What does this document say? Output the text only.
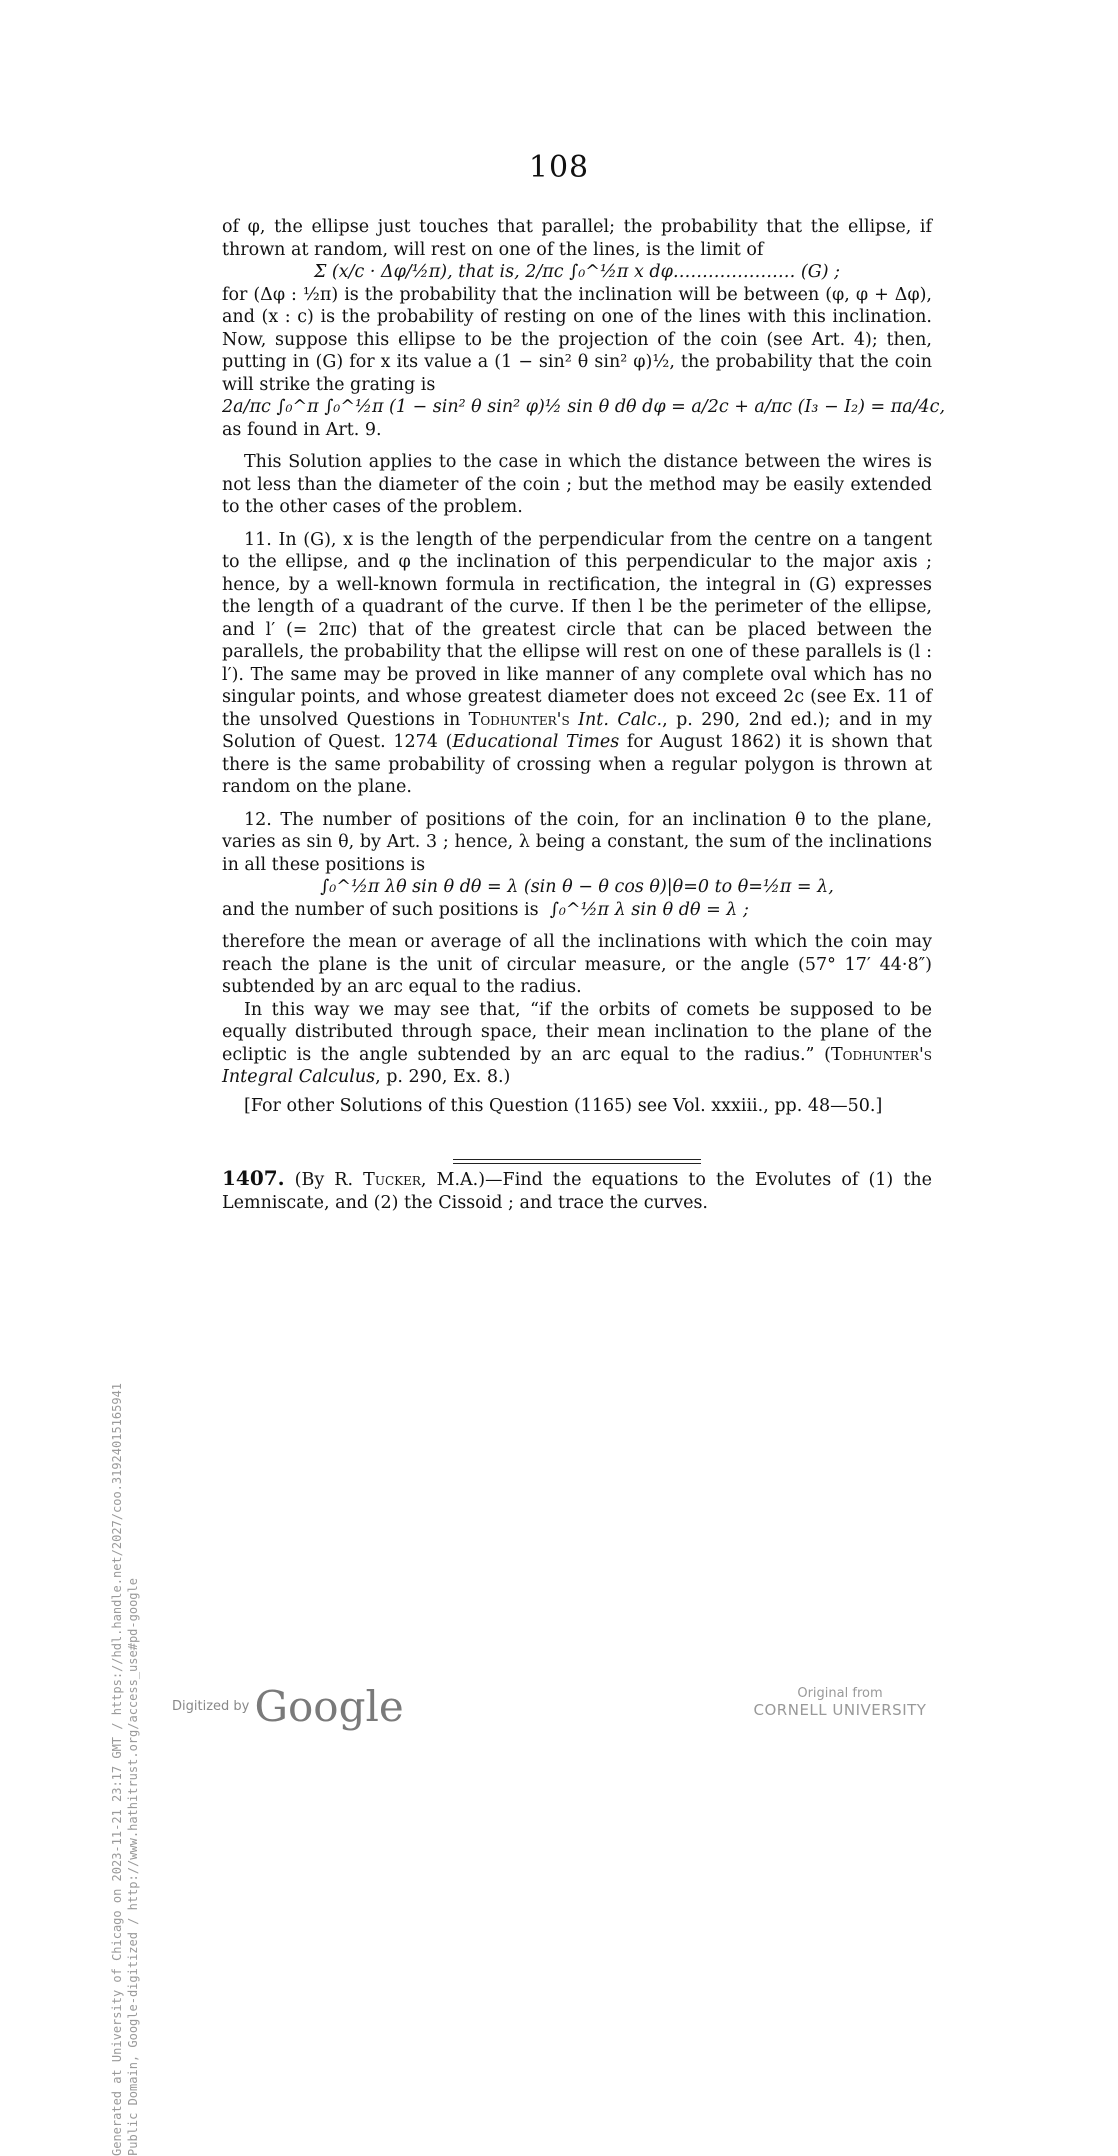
108

of φ, the ellipse just touches that parallel; the probability that the ellipse, if thrown at random, will rest on one of the lines, is the limit of

Σ (x/c · Δφ/½π), that is, 2/πc ∫₀^½π x dφ………………… (G) ;

for (Δφ : ½π) is the probability that the inclination will be between (φ, φ + Δφ), and (x : c) is the probability of resting on one of the lines with this inclination. Now, suppose this ellipse to be the projection of the coin (see Art. 4); then, putting in (G) for x its value a (1 − sin² θ sin² φ)½, the probability that the coin will strike the grating is

2a/πc ∫₀^π ∫₀^½π (1 − sin² θ sin² φ)½ sin θ dθ dφ = a/2c + a/πc (I₃ − I₂) = πa/4c,

as found in Art. 9.

This Solution applies to the case in which the distance between the wires is not less than the diameter of the coin ; but the method may be easily extended to the other cases of the problem.

11. In (G), x is the length of the perpendicular from the centre on a tangent to the ellipse, and φ the inclination of this perpendicular to the major axis ; hence, by a well-known formula in rectification, the integral in (G) expresses the length of a quadrant of the curve. If then l be the perimeter of the ellipse, and l′ (= 2πc) that of the greatest circle that can be placed between the parallels, the probability that the ellipse will rest on one of these parallels is (l : l′). The same may be proved in like manner of any complete oval which has no singular points, and whose greatest diameter does not exceed 2c (see Ex. 11 of the unsolved Questions in Todhunter's Int. Calc., p. 290, 2nd ed.); and in my Solution of Quest. 1274 (Educational Times for August 1862) it is shown that there is the same probability of crossing when a regular polygon is thrown at random on the plane.

12. The number of positions of the coin, for an inclination θ to the plane, varies as sin θ, by Art. 3 ; hence, λ being a constant, the sum of the inclinations in all these positions is

∫₀^½π λθ sin θ dθ = λ (sin θ − θ cos θ)|θ=0 to θ=½π = λ,

and the number of such positions is ∫₀^½π λ sin θ dθ = λ ;

therefore the mean or average of all the inclinations with which the coin may reach the plane is the unit of circular measure, or the angle (57° 17′ 44·8″) subtended by an arc equal to the radius.

In this way we may see that, “if the orbits of comets be supposed to be equally distributed through space, their mean inclination to the plane of the ecliptic is the angle subtended by an arc equal to the radius.” (Todhunter's Integral Calculus, p. 290, Ex. 8.)

[For other Solutions of this Question (1165) see Vol. xxxiii., pp. 48—50.]

1407. (By R. Tucker, M.A.)—Find the equations to the Evolutes of (1) the Lemniscate, and (2) the Cissoid ; and trace the curves.

Generated at University of Chicago on 2023-11-21 23:17 GMT / https://hdl.handle.net/2027/coo.31924015165941 Public Domain, Google-digitized / http://www.hathitrust.org/access_use#pd-google Digitized by Google	Original from
CORNELL UNIVERSITY
